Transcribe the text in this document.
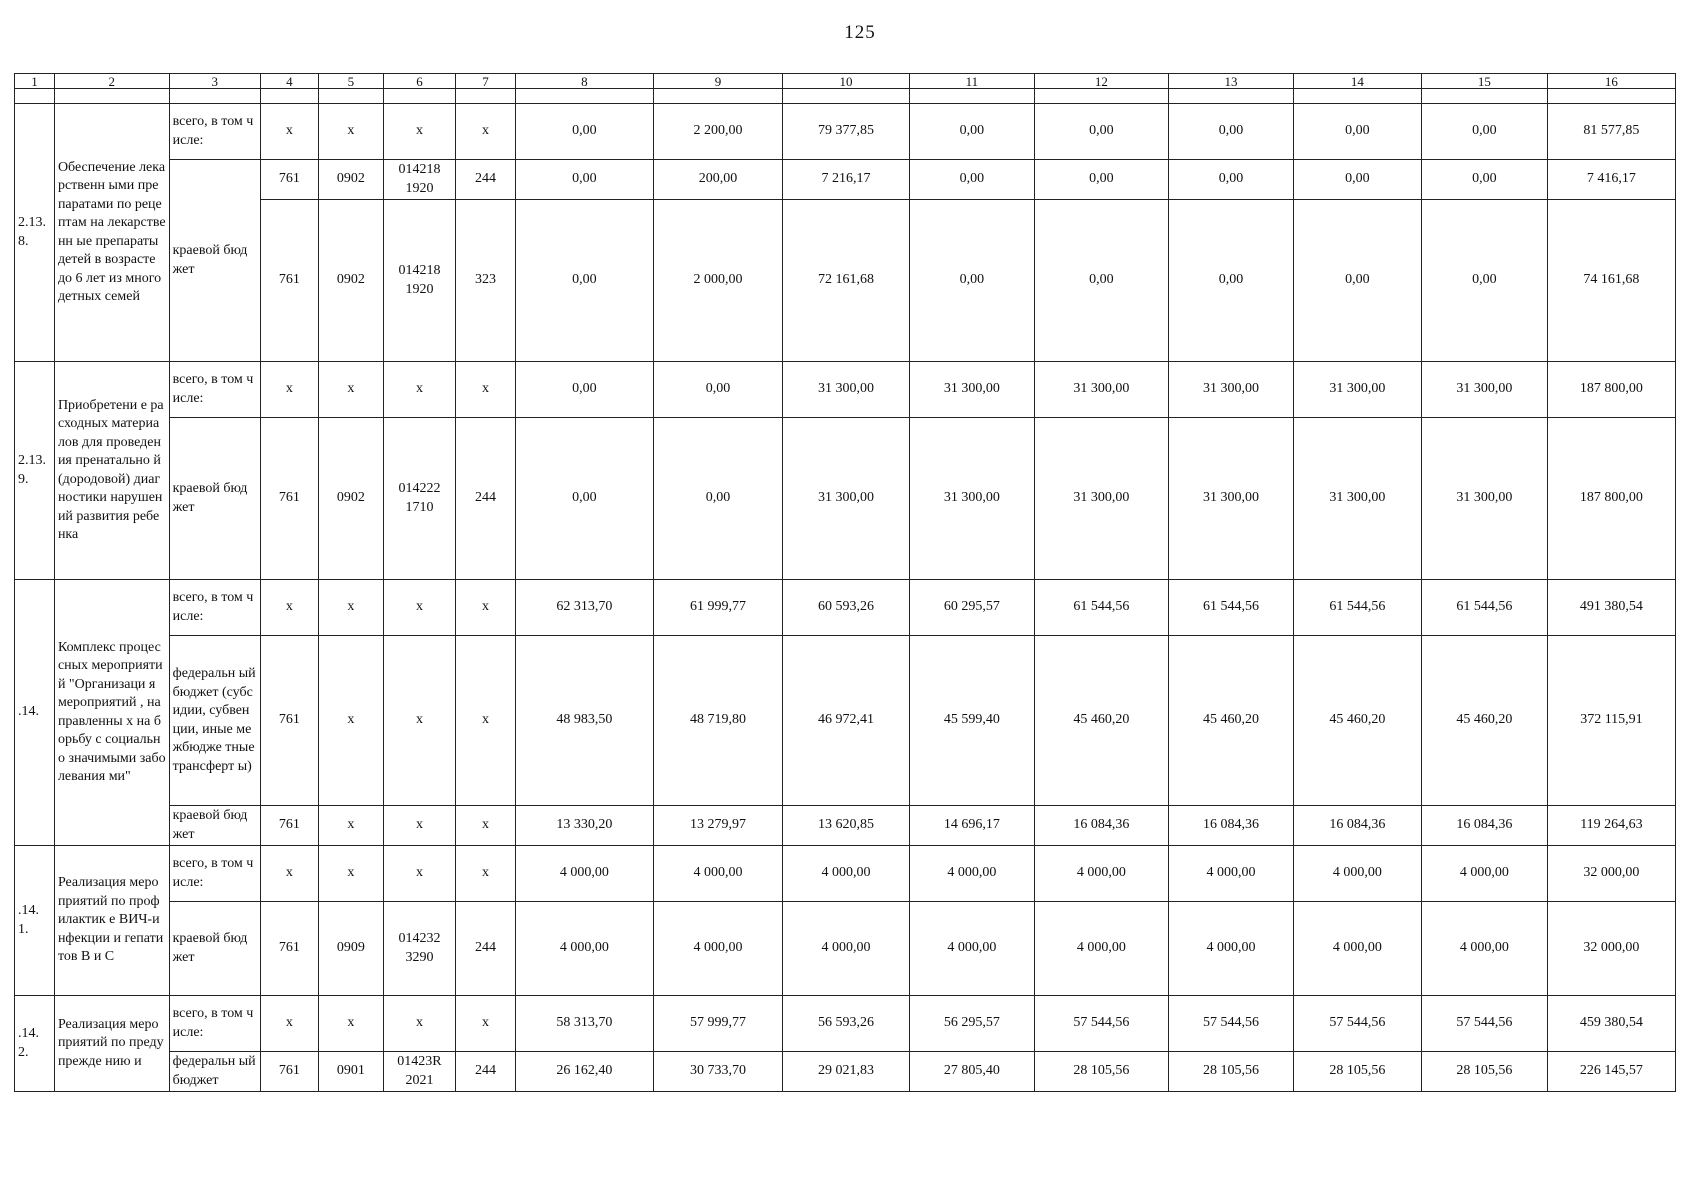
125
1	2	3	4	5	6	7	8	9	10	11	12	13	14	15	16

2.13.
8.	Обеспечение лекарственн ыми препаратами по рецептам на лекарственн ые препараты детей в возрасте до 6 лет из многодетных семей	всего, в том числе:	x	x	x	x	0,00	2 200,00	79 377,85	0,00	0,00	0,00	0,00	0,00	81 577,85
		краевой бюджет	761	0902	014218 1920	244	0,00	200,00	7 216,17	0,00	0,00	0,00	0,00	0,00	7 416,17
			761	0902	014218 1920	323	0,00	2 000,00	72 161,68	0,00	0,00	0,00	0,00	0,00	74 161,68
2.13.
9.	Приобретени е расходных материалов для проведения пренатально й (дородовой) диагностики нарушений развития ребенка	всего, в том числе:	x	x	x	x	0,00	0,00	31 300,00	31 300,00	31 300,00	31 300,00	31 300,00	31 300,00	187 800,00
		краевой бюджет	761	0902	014222 1710	244	0,00	0,00	31 300,00	31 300,00	31 300,00	31 300,00	31 300,00	31 300,00	187 800,00
.14.	Комплекс процессных мероприятий "Организаци я мероприятий , направленны х на борьбу с социально значимыми заболевания ми"	всего, в том числе:	x	x	x	x	62 313,70	61 999,77	60 593,26	60 295,57	61 544,56	61 544,56	61 544,56	61 544,56	491 380,54
		федеральн ый бюджет (субсидии, субвенции, иные межбюдже тные трансферт ы)	761	x	x	x	48 983,50	48 719,80	46 972,41	45 599,40	45 460,20	45 460,20	45 460,20	45 460,20	372 115,91
		краевой бюджет	761	x	x	x	13 330,20	13 279,97	13 620,85	14 696,17	16 084,36	16 084,36	16 084,36	16 084,36	119 264,63
.14.
1.	Реализация мероприятий по профилактик е ВИЧ-инфекции и гепатитов В и С	всего, в том числе:	x	x	x	x	4 000,00	4 000,00	4 000,00	4 000,00	4 000,00	4 000,00	4 000,00	4 000,00	32 000,00
		краевой бюджет	761	0909	014232 3290	244	4 000,00	4 000,00	4 000,00	4 000,00	4 000,00	4 000,00	4 000,00	4 000,00	32 000,00
.14.
2.	Реализация мероприятий по предупрежде нию и	всего, в том числе:	x	x	x	x	58 313,70	57 999,77	56 593,26	56 295,57	57 544,56	57 544,56	57 544,56	57 544,56	459 380,54
		федеральн ый бюджет	761	0901	01423R 2021	244	26 162,40	30 733,70	29 021,83	27 805,40	28 105,56	28 105,56	28 105,56	28 105,56	226 145,57
